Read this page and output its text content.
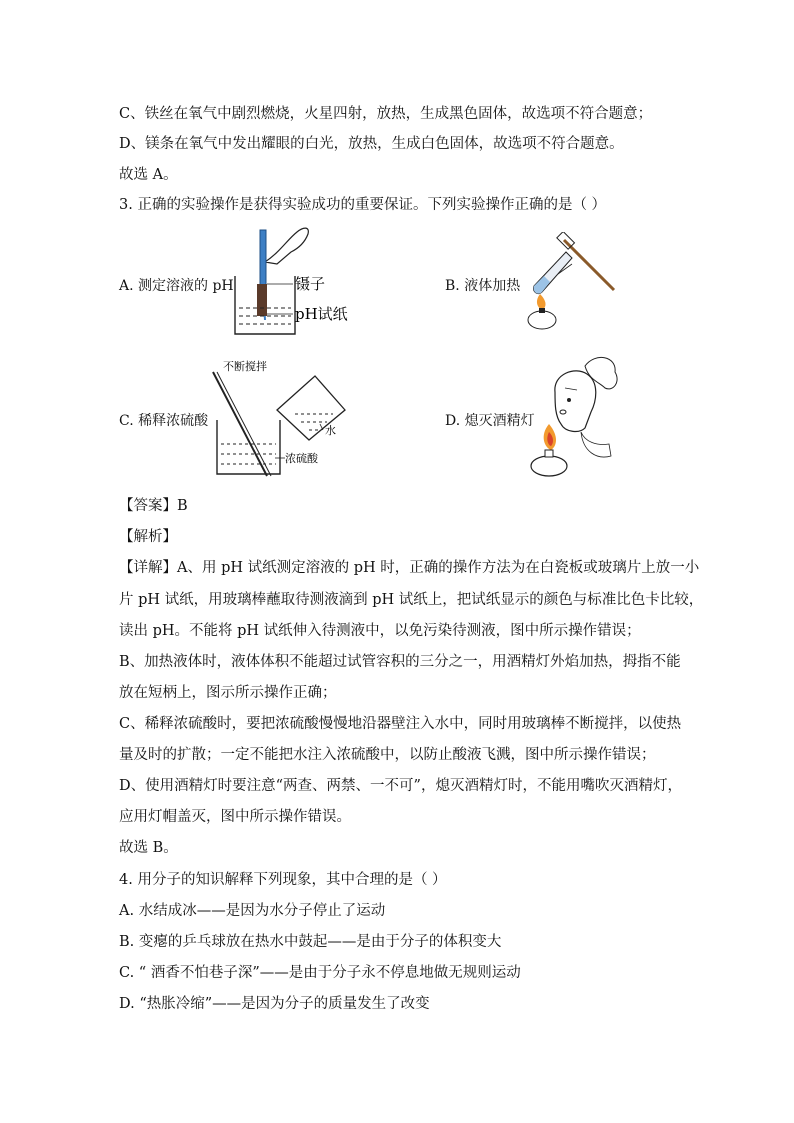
C、铁丝在氧气中剧烈燃烧，火星四射，放热，生成黑色固体，故选项不符合题意；
D、镁条在氧气中发出耀眼的白光，放热，生成白色固体，故选项不符合题意。
故选 A。
3. 正确的实验操作是获得实验成功的重要保证。下列实验操作正确的是（ ）
A. 测定溶液的 pH	B. 液体加热
C. 稀释浓硫酸	D. 熄灭酒精灯
镊子
pH试纸
不断搅拌
水
浓硫酸
【答案】B
【解析】
【详解】A、用 pH 试纸测定溶液的 pH 时，正确的操作方法为在白瓷板或玻璃片上放一小
片 pH 试纸，用玻璃棒蘸取待测液滴到 pH 试纸上，把试纸显示的颜色与标准比色卡比较，
读出 pH。不能将 pH 试纸伸入待测液中，以免污染待测液，图中所示操作错误；
B、加热液体时，液体体积不能超过试管容积的三分之一，用酒精灯外焰加热，拇指不能
放在短柄上，图示所示操作正确；
C、稀释浓硫酸时，要把浓硫酸慢慢地沿器壁注入水中，同时用玻璃棒不断搅拌，以使热
量及时的扩散；一定不能把水注入浓硫酸中，以防止酸液飞溅，图中所示操作错误；
D、使用酒精灯时要注意“两查、两禁、一不可”，熄灭酒精灯时，不能用嘴吹灭酒精灯，
应用灯帽盖灭，图中所示操作错误。
故选 B。
4. 用分子的知识解释下列现象，其中合理的是（ ）
A. 水结成冰——是因为水分子停止了运动
B. 变瘪的乒乓球放在热水中鼓起——是由于分子的体积变大
C. “ 酒香不怕巷子深”——是由于分子永不停息地做无规则运动
D. “热胀冷缩”——是因为分子的质量发生了改变
